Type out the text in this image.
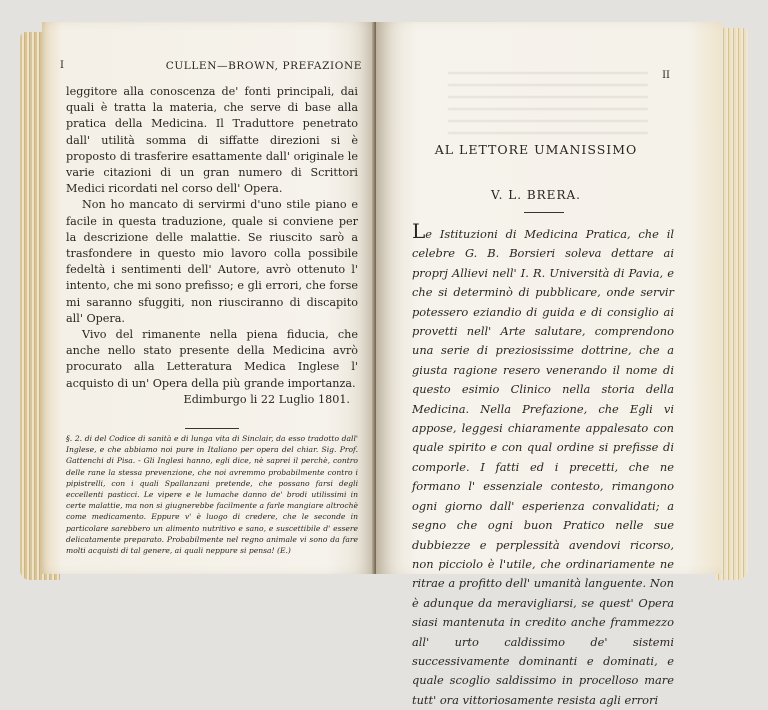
I	CULLEN—BROWN, PREFAZIONE

leggitore alla conoscenza de' fonti principali, dai quali è tratta la materia, che serve di base alla pratica della Medicina. Il Traduttore penetrato dall' utilità somma di siffatte direzioni si è proposto di trasferire esattamente dall' originale le varie citazioni di un gran numero di Scrittori Medici ricordati nel corso dell' Opera.

Non ho mancato di servirmi d'uno stile piano e facile in questa traduzione, quale si conviene per la descrizione delle malattie. Se riuscito sarò a trasfondere in questo mio lavoro colla possibile fedeltà i sentimenti dell' Autore, avrò ottenuto l' intento, che mi sono prefisso; e gli errori, che forse mi saranno sfuggiti, non riusciranno di discapito all' Opera.

Vivo del rimanente nella piena fiducia, che anche nello stato presente della Medicina avrò procurato alla Letteratura Medica Inglese l' acquisto di un' Opera della più grande importanza.

Edimburgo li 22 Luglio 1801.

§. 2. di del Codice di sanità e di lunga vita di Sinclair, da esso tradotto dall' Inglese, e che abbiamo noi pure in Italiano per opera del chiar. Sig. Prof. Gattenchi di Pisa. - Gli Inglesi hanno, egli dice, nè saprei il perchè, contro delle rane la stessa prevenzione, che noi avremmo probabilmente contro i pipistrelli, con i quali Spallanzani pretende, che possano farsi degli eccellenti pasticci. Le vipere e le lumache danno de' brodi utilissimi in certe malattie, ma non si giugnerebbe facilmente a farle mangiare altrochè come medicamento. Eppure v' è luogo di credere, che le seconde in particolare sarebbero un alimento nutritivo e sano, e suscettibile d' essere delicatamente preparato. Probabilmente nel regno animale vi sono da fare molti acquisti di tal genere, ai quali neppure si pensa! (E.)

II
AL LETTORE UMANISSIMO
V. L. BRERA.

Le Istituzioni di Medicina Pratica, che il celebre G. B. Borsieri soleva dettare ai proprj Allievi nell' I. R. Università di Pavia, e che si determinò di pubblicare, onde servir potessero eziandio di guida e di consiglio ai provetti nell' Arte salutare, comprendono una serie di preziosissime dottrine, che a giusta ragione resero venerando il nome di questo esimio Clinico nella storia della Medicina. Nella Prefazione, che Egli vi appose, leggesi chiaramente appalesato con quale spirito e con qual ordine si prefisse di comporle. I fatti ed i precetti, che ne formano l' essenziale contesto, rimangono ogni giorno dall' esperienza convalidati; a segno che ogni buon Pratico nelle sue dubbiezze e perplessità avendovi ricorso, non picciolo è l'utile, che ordinariamente ne ritrae a profitto dell' umanità languente. Non è adunque da meravigliarsi, se quest' Opera siasi mantenuta in credito anche frammezzo all' urto caldissimo de' sistemi successivamente dominanti e dominati, e quale scoglio saldissimo in procelloso mare tutt' ora vittoriosamente resista agli errori
